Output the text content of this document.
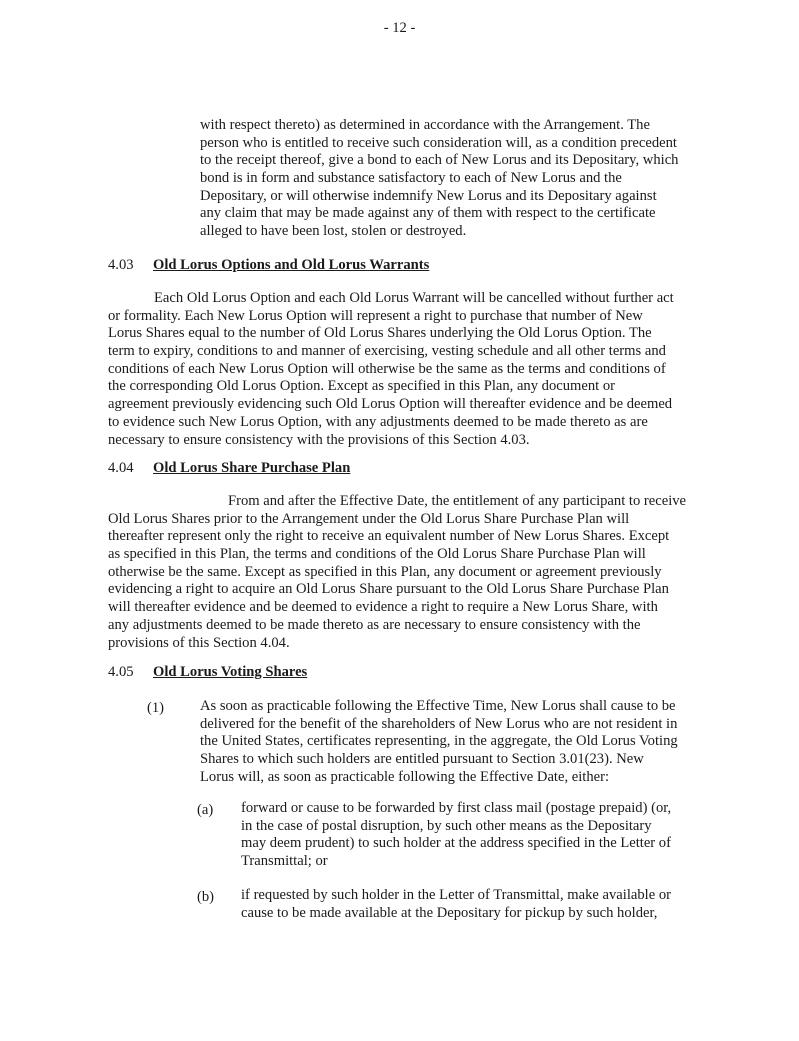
- 12 -
with respect thereto) as determined in accordance with the Arrangement. The
person who is entitled to receive such consideration will, as a condition precedent
to the receipt thereof, give a bond to each of New Lorus and its Depositary, which
bond is in form and substance satisfactory to each of New Lorus and the
Depositary, or will otherwise indemnify New Lorus and its Depositary against
any claim that may be made against any of them with respect to the certificate
alleged to have been lost, stolen or destroyed.
4.03 Old Lorus Options and Old Lorus Warrants
Each Old Lorus Option and each Old Lorus Warrant will be cancelled without further act
or formality. Each New Lorus Option will represent a right to purchase that number of New
Lorus Shares equal to the number of Old Lorus Shares underlying the Old Lorus Option. The
term to expiry, conditions to and manner of exercising, vesting schedule and all other terms and
conditions of each New Lorus Option will otherwise be the same as the terms and conditions of
the corresponding Old Lorus Option. Except as specified in this Plan, any document or
agreement previously evidencing such Old Lorus Option will thereafter evidence and be deemed
to evidence such New Lorus Option, with any adjustments deemed to be made thereto as are
necessary to ensure consistency with the provisions of this Section 4.03.
4.04 Old Lorus Share Purchase Plan
From and after the Effective Date, the entitlement of any participant to receive
Old Lorus Shares prior to the Arrangement under the Old Lorus Share Purchase Plan will
thereafter represent only the right to receive an equivalent number of New Lorus Shares. Except
as specified in this Plan, the terms and conditions of the Old Lorus Share Purchase Plan will
otherwise be the same. Except as specified in this Plan, any document or agreement previously
evidencing a right to acquire an Old Lorus Share pursuant to the Old Lorus Share Purchase Plan
will thereafter evidence and be deemed to evidence a right to require a New Lorus Share, with
any adjustments deemed to be made thereto as are necessary to ensure consistency with the
provisions of this Section 4.04.
4.05 Old Lorus Voting Shares
(1) As soon as practicable following the Effective Time, New Lorus shall cause to be
delivered for the benefit of the shareholders of New Lorus who are not resident in
the United States, certificates representing, in the aggregate, the Old Lorus Voting
Shares to which such holders are entitled pursuant to Section 3.01(23). New
Lorus will, as soon as practicable following the Effective Date, either:
(a) forward or cause to be forwarded by first class mail (postage prepaid) (or,
in the case of postal disruption, by such other means as the Depositary
may deem prudent) to such holder at the address specified in the Letter of
Transmittal; or
(b) if requested by such holder in the Letter of Transmittal, make available or
cause to be made available at the Depositary for pickup by such holder,
